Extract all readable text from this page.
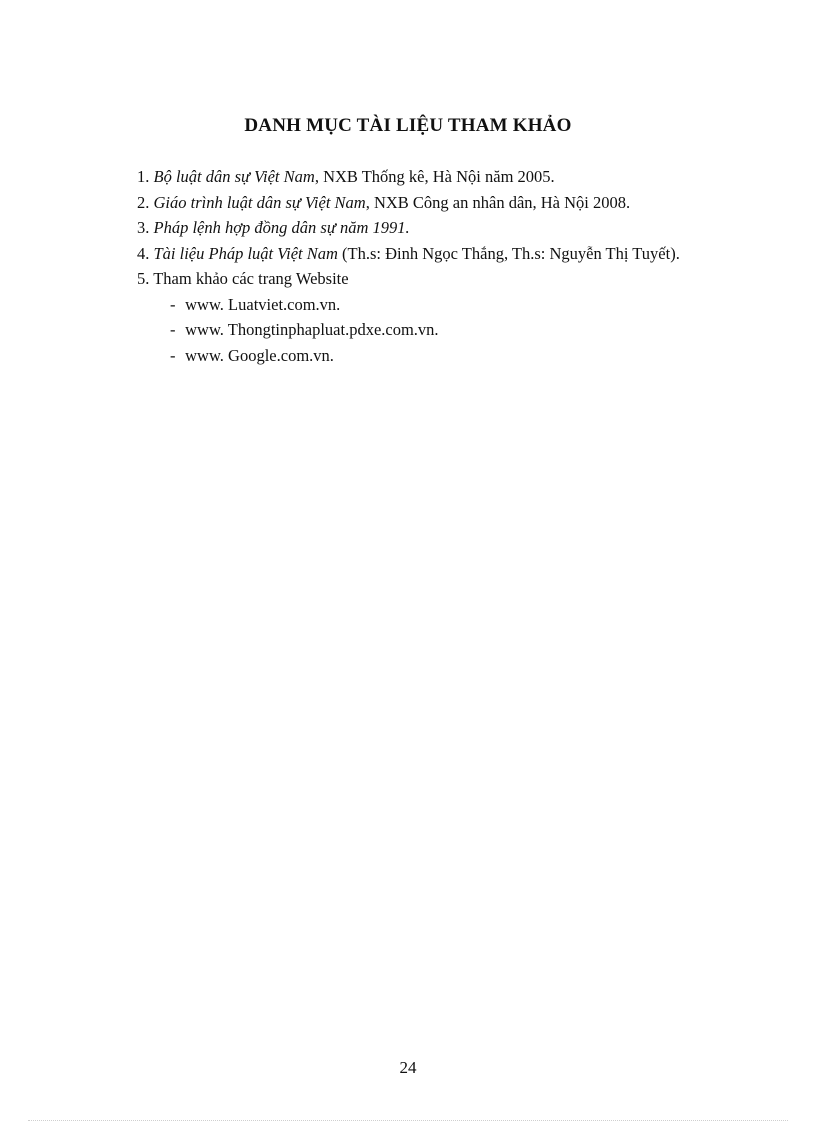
DANH MỤC TÀI LIỆU THAM KHẢO
1. Bộ luật dân sự Việt Nam, NXB Thống kê, Hà Nội năm 2005.
2. Giáo trình luật dân sự Việt Nam, NXB Công an nhân dân, Hà Nội 2008.
3. Pháp lệnh hợp đồng dân sự năm 1991.
4. Tài liệu Pháp luật Việt Nam (Th.s: Đinh Ngọc Thắng, Th.s: Nguyễn Thị Tuyết).
5. Tham khảo các trang Website
- www. Luatviet.com.vn.
- www. Thongtinphapluat.pdxe.com.vn.
- www. Google.com.vn.
24
